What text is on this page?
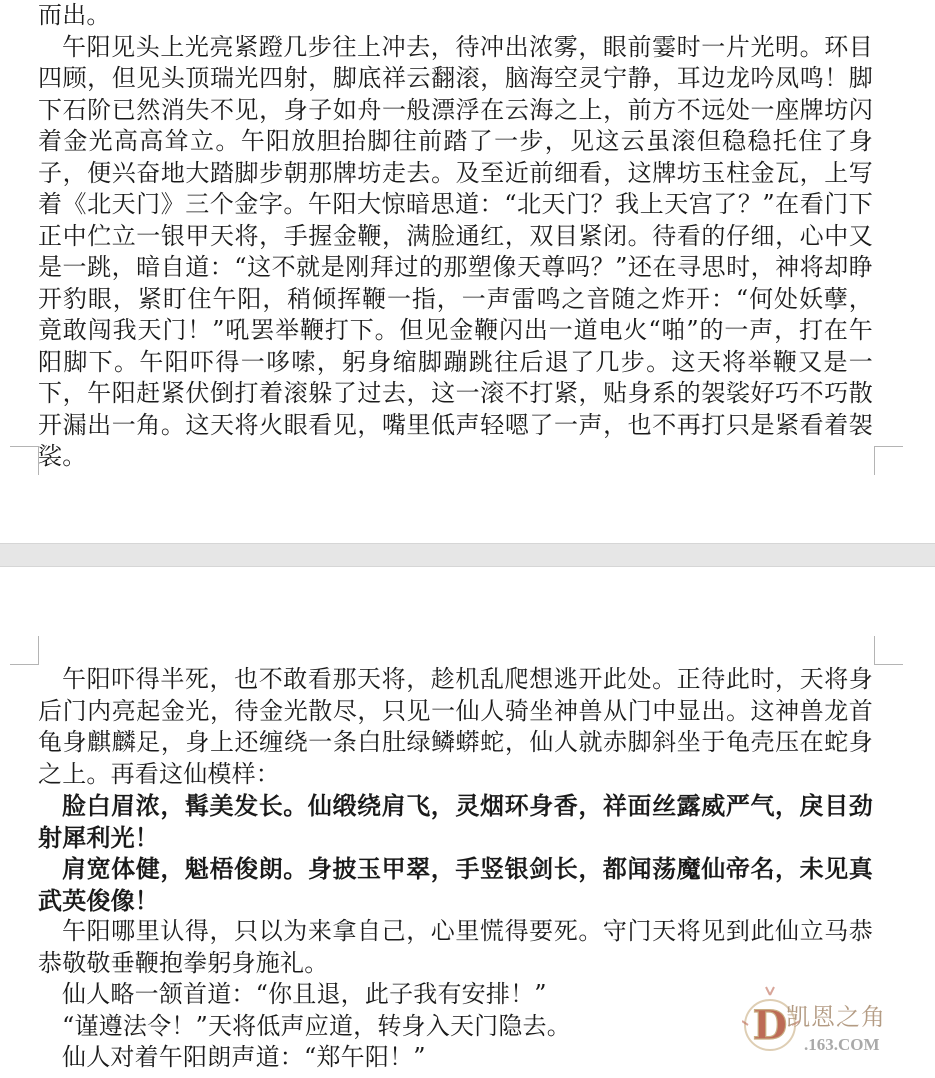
而出。

午阳见头上光亮紧蹬几步往上冲去，待冲出浓雾，眼前霎时一片光明。环目四顾，但见头顶瑞光四射，脚底祥云翻滚，脑海空灵宁静，耳边龙吟凤鸣！脚下石阶已然消失不见，身子如舟一般漂浮在云海之上，前方不远处一座牌坊闪着金光高高耸立。午阳放胆抬脚往前踏了一步，见这云虽滚但稳稳托住了身子，便兴奋地大踏脚步朝那牌坊走去。及至近前细看，这牌坊玉柱金瓦，上写着《北天门》三个金字。午阳大惊暗思道：“北天门？我上天宫了？”在看门下正中伫立一银甲天将，手握金鞭，满脸通红，双目紧闭。待看的仔细，心中又是一跳，暗自道：“这不就是刚拜过的那塑像天尊吗？”还在寻思时，神将却睁开豹眼，紧盯住午阳，稍倾挥鞭一指，一声雷鸣之音随之炸开：“何处妖孽，竟敢闯我天门！”吼罢举鞭打下。但见金鞭闪出一道电火“啪”的一声，打在午阳脚下。午阳吓得一哆嗦，躬身缩脚蹦跳往后退了几步。这天将举鞭又是一下，午阳赶紧伏倒打着滚躲了过去，这一滚不打紧，贴身系的袈裟好巧不巧散开漏出一角。这天将火眼看见，嘴里低声轻嗯了一声，也不再打只是紧看着袈裟。

午阳吓得半死，也不敢看那天将，趁机乱爬想逃开此处。正待此时，天将身后门内亮起金光，待金光散尽，只见一仙人骑坐神兽从门中显出。这神兽龙首龟身麒麟足，身上还缠绕一条白肚绿鳞蟒蛇，仙人就赤脚斜坐于龟壳压在蛇身之上。再看这仙模样：

脸白眉浓，髯美发长。仙缎绕肩飞，灵烟环身香，祥面丝露威严气，戾目劲射犀利光！

肩宽体健，魁梧俊朗。身披玉甲翠，手竖银剑长，都闻荡魔仙帝名，未见真武英俊像！

午阳哪里认得，只以为来拿自己，心里慌得要死。守门天将见到此仙立马恭恭敬敬垂鞭抱拳躬身施礼。

仙人略一颔首道：“你且退，此子我有安排！”

“谨遵法令！”天将低声应道，转身入天门隐去。

仙人对着午阳朗声道：“郑午阳！”

D
凯恩之角
.163.COM
